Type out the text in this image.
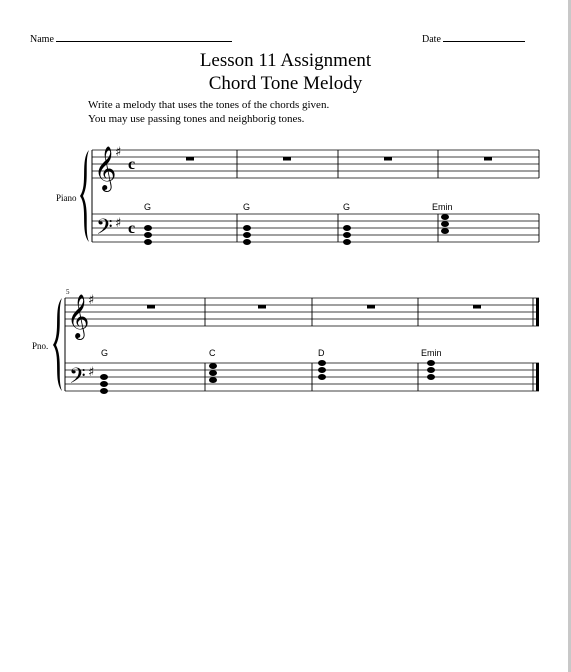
Name	Date
Lesson 11 Assignment
Chord Tone Melody
Write a melody that uses the tones of the chords given.
You may use passing tones and neighborig tones.
𝄞
𝄢
♯
♯
c
c
G	G	G	Emin
Piano
5
𝄞
𝄢
♯
♯
G	C	D	Emin
Pno.
